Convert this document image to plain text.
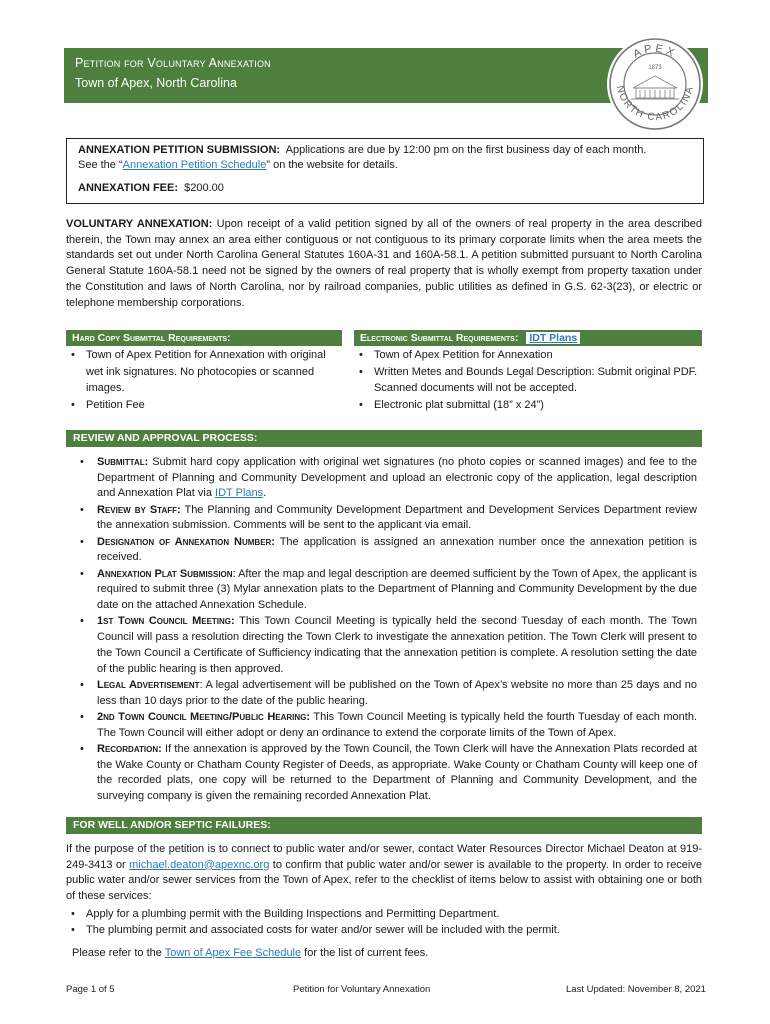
Petition for Voluntary Annexation
Town of Apex, North Carolina
APEX
NORTH CAROLINA
1873

ANNEXATION PETITION SUBMISSION: Applications are due by 12:00 pm on the first business day of each month.

See the “Annexation Petition Schedule” on the website for details.

ANNEXATION FEE: $200.00

VOLUNTARY ANNEXATION: Upon receipt of a valid petition signed by all of the owners of real property in the area described therein, the Town may annex an area either contiguous or not contiguous to its primary corporate limits when the area meets the standards set out under North Carolina General Statutes 160A-31 and 160A-58.1. A petition submitted pursuant to North Carolina General Statute 160A-58.1 need not be signed by the owners of real property that is wholly exempt from property taxation under the Constitution and laws of North Carolina, nor by railroad companies, public utilities as defined in G.S. 62-3(23), or electric or telephone membership corporations.

Hard Copy Submittal Requirements:	Electronic Submittal Requirements: IDT Plans
• Town of Apex Petition for Annexation with original wet ink signatures. No photocopies or scanned images.
• Petition Fee
• Town of Apex Petition for Annexation
• Written Metes and Bounds Legal Description: Submit original PDF. Scanned documents will not be accepted.
• Electronic plat submittal (18” x 24”)
REVIEW AND APPROVAL PROCESS:
• Submittal: Submit hard copy application with original wet signatures (no photo copies or scanned images) and fee to the Department of Planning and Community Development and upload an electronic copy of the application, legal description and Annexation Plat via IDT Plans.
• Review by Staff: The Planning and Community Development Department and Development Services Department review the annexation submission. Comments will be sent to the applicant via email.
• Designation of Annexation Number: The application is assigned an annexation number once the annexation petition is received.
• Annexation Plat Submission: After the map and legal description are deemed sufficient by the Town of Apex, the applicant is required to submit three (3) Mylar annexation plats to the Department of Planning and Community Development by the due date on the attached Annexation Schedule.
• 1st Town Council Meeting: This Town Council Meeting is typically held the second Tuesday of each month. The Town Council will pass a resolution directing the Town Clerk to investigate the annexation petition. The Town Clerk will present to the Town Council a Certificate of Sufficiency indicating that the annexation petition is complete. A resolution setting the date of the public hearing is then approved.
• Legal Advertisement: A legal advertisement will be published on the Town of Apex’s website no more than 25 days and no less than 10 days prior to the date of the public hearing.
• 2nd Town Council Meeting/Public Hearing: This Town Council Meeting is typically held the fourth Tuesday of each month. The Town Council will either adopt or deny an ordinance to extend the corporate limits of the Town of Apex.
• Recordation: If the annexation is approved by the Town Council, the Town Clerk will have the Annexation Plats recorded at the Wake County or Chatham County Register of Deeds, as appropriate. Wake County or Chatham County will keep one of the recorded plats, one copy will be returned to the Department of Planning and Community Development, and the surveying company is given the remaining recorded Annexation Plat.
FOR WELL AND/OR SEPTIC FAILURES:

If the purpose of the petition is to connect to public water and/or sewer, contact Water Resources Director Michael Deaton at 919-249-3413 or michael.deaton@apexnc.org to confirm that public water and/or sewer is available to the property. In order to receive public water and/or sewer services from the Town of Apex, refer to the checklist of items below to assist with obtaining one or both of these services:

• Apply for a plumbing permit with the Building Inspections and Permitting Department.
• The plumbing permit and associated costs for water and/or sewer will be included with the permit.

Please refer to the Town of Apex Fee Schedule for the list of current fees.

Page 1 of 5	Petition for Voluntary Annexation	Last Updated: November 8, 2021
